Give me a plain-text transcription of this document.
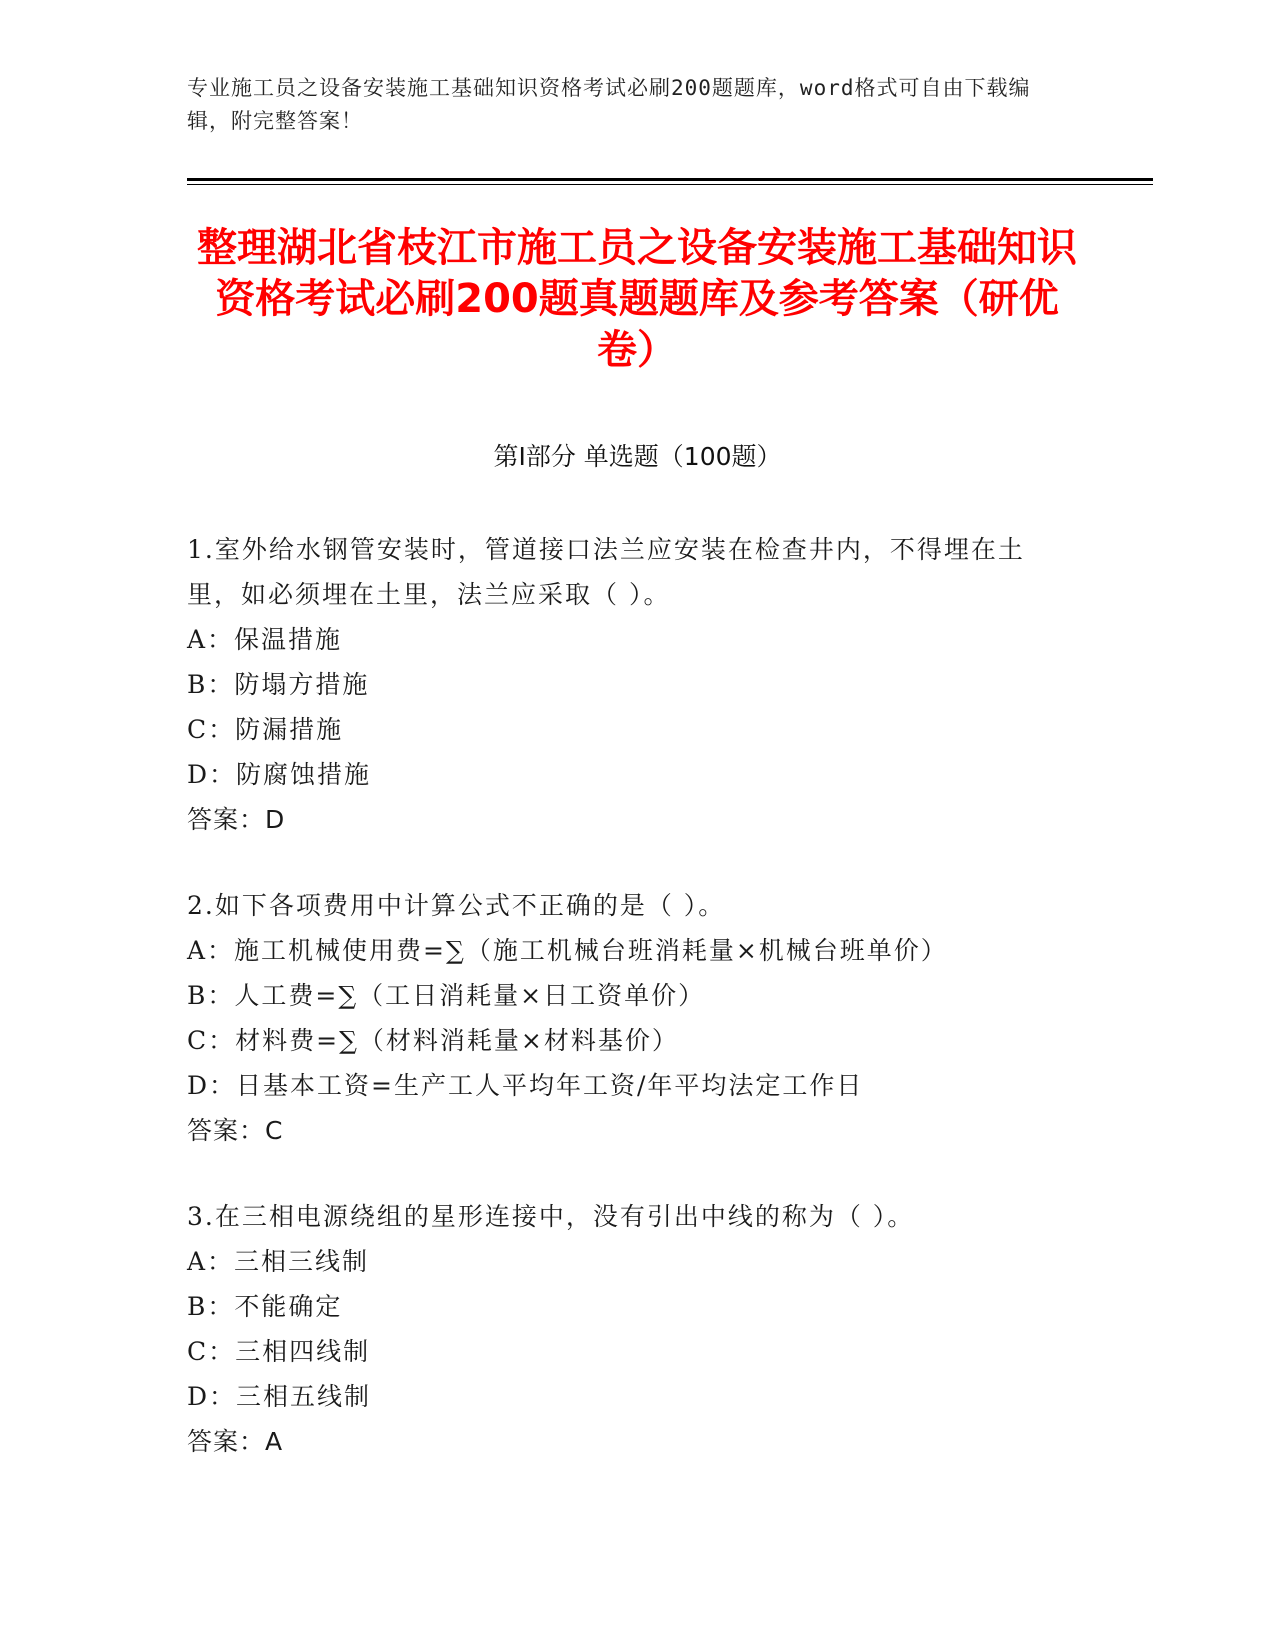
专业施工员之设备安装施工基础知识资格考试必刷200题题库，word格式可自由下载编辑，附完整答案！
整理湖北省枝江市施工员之设备安装施工基础知识资格考试必刷200题真题题库及参考答案（研优卷）
第Ⅰ部分 单选题（100题）
1.室外给水钢管安装时，管道接口法兰应安装在检查井内，不得埋在土里，如必须埋在土里，法兰应采取（ ）。
A：保温措施
B：防塌方措施
C：防漏措施
D：防腐蚀措施
答案：D
2.如下各项费用中计算公式不正确的是（ ）。
A：施工机械使用费=∑（施工机械台班消耗量×机械台班单价）
B：人工费=∑（工日消耗量×日工资单价）
C：材料费=∑（材料消耗量×材料基价）
D：日基本工资=生产工人平均年工资/年平均法定工作日
答案：C
3.在三相电源绕组的星形连接中，没有引出中线的称为（ ）。
A：三相三线制
B：不能确定
C：三相四线制
D：三相五线制
答案：A
